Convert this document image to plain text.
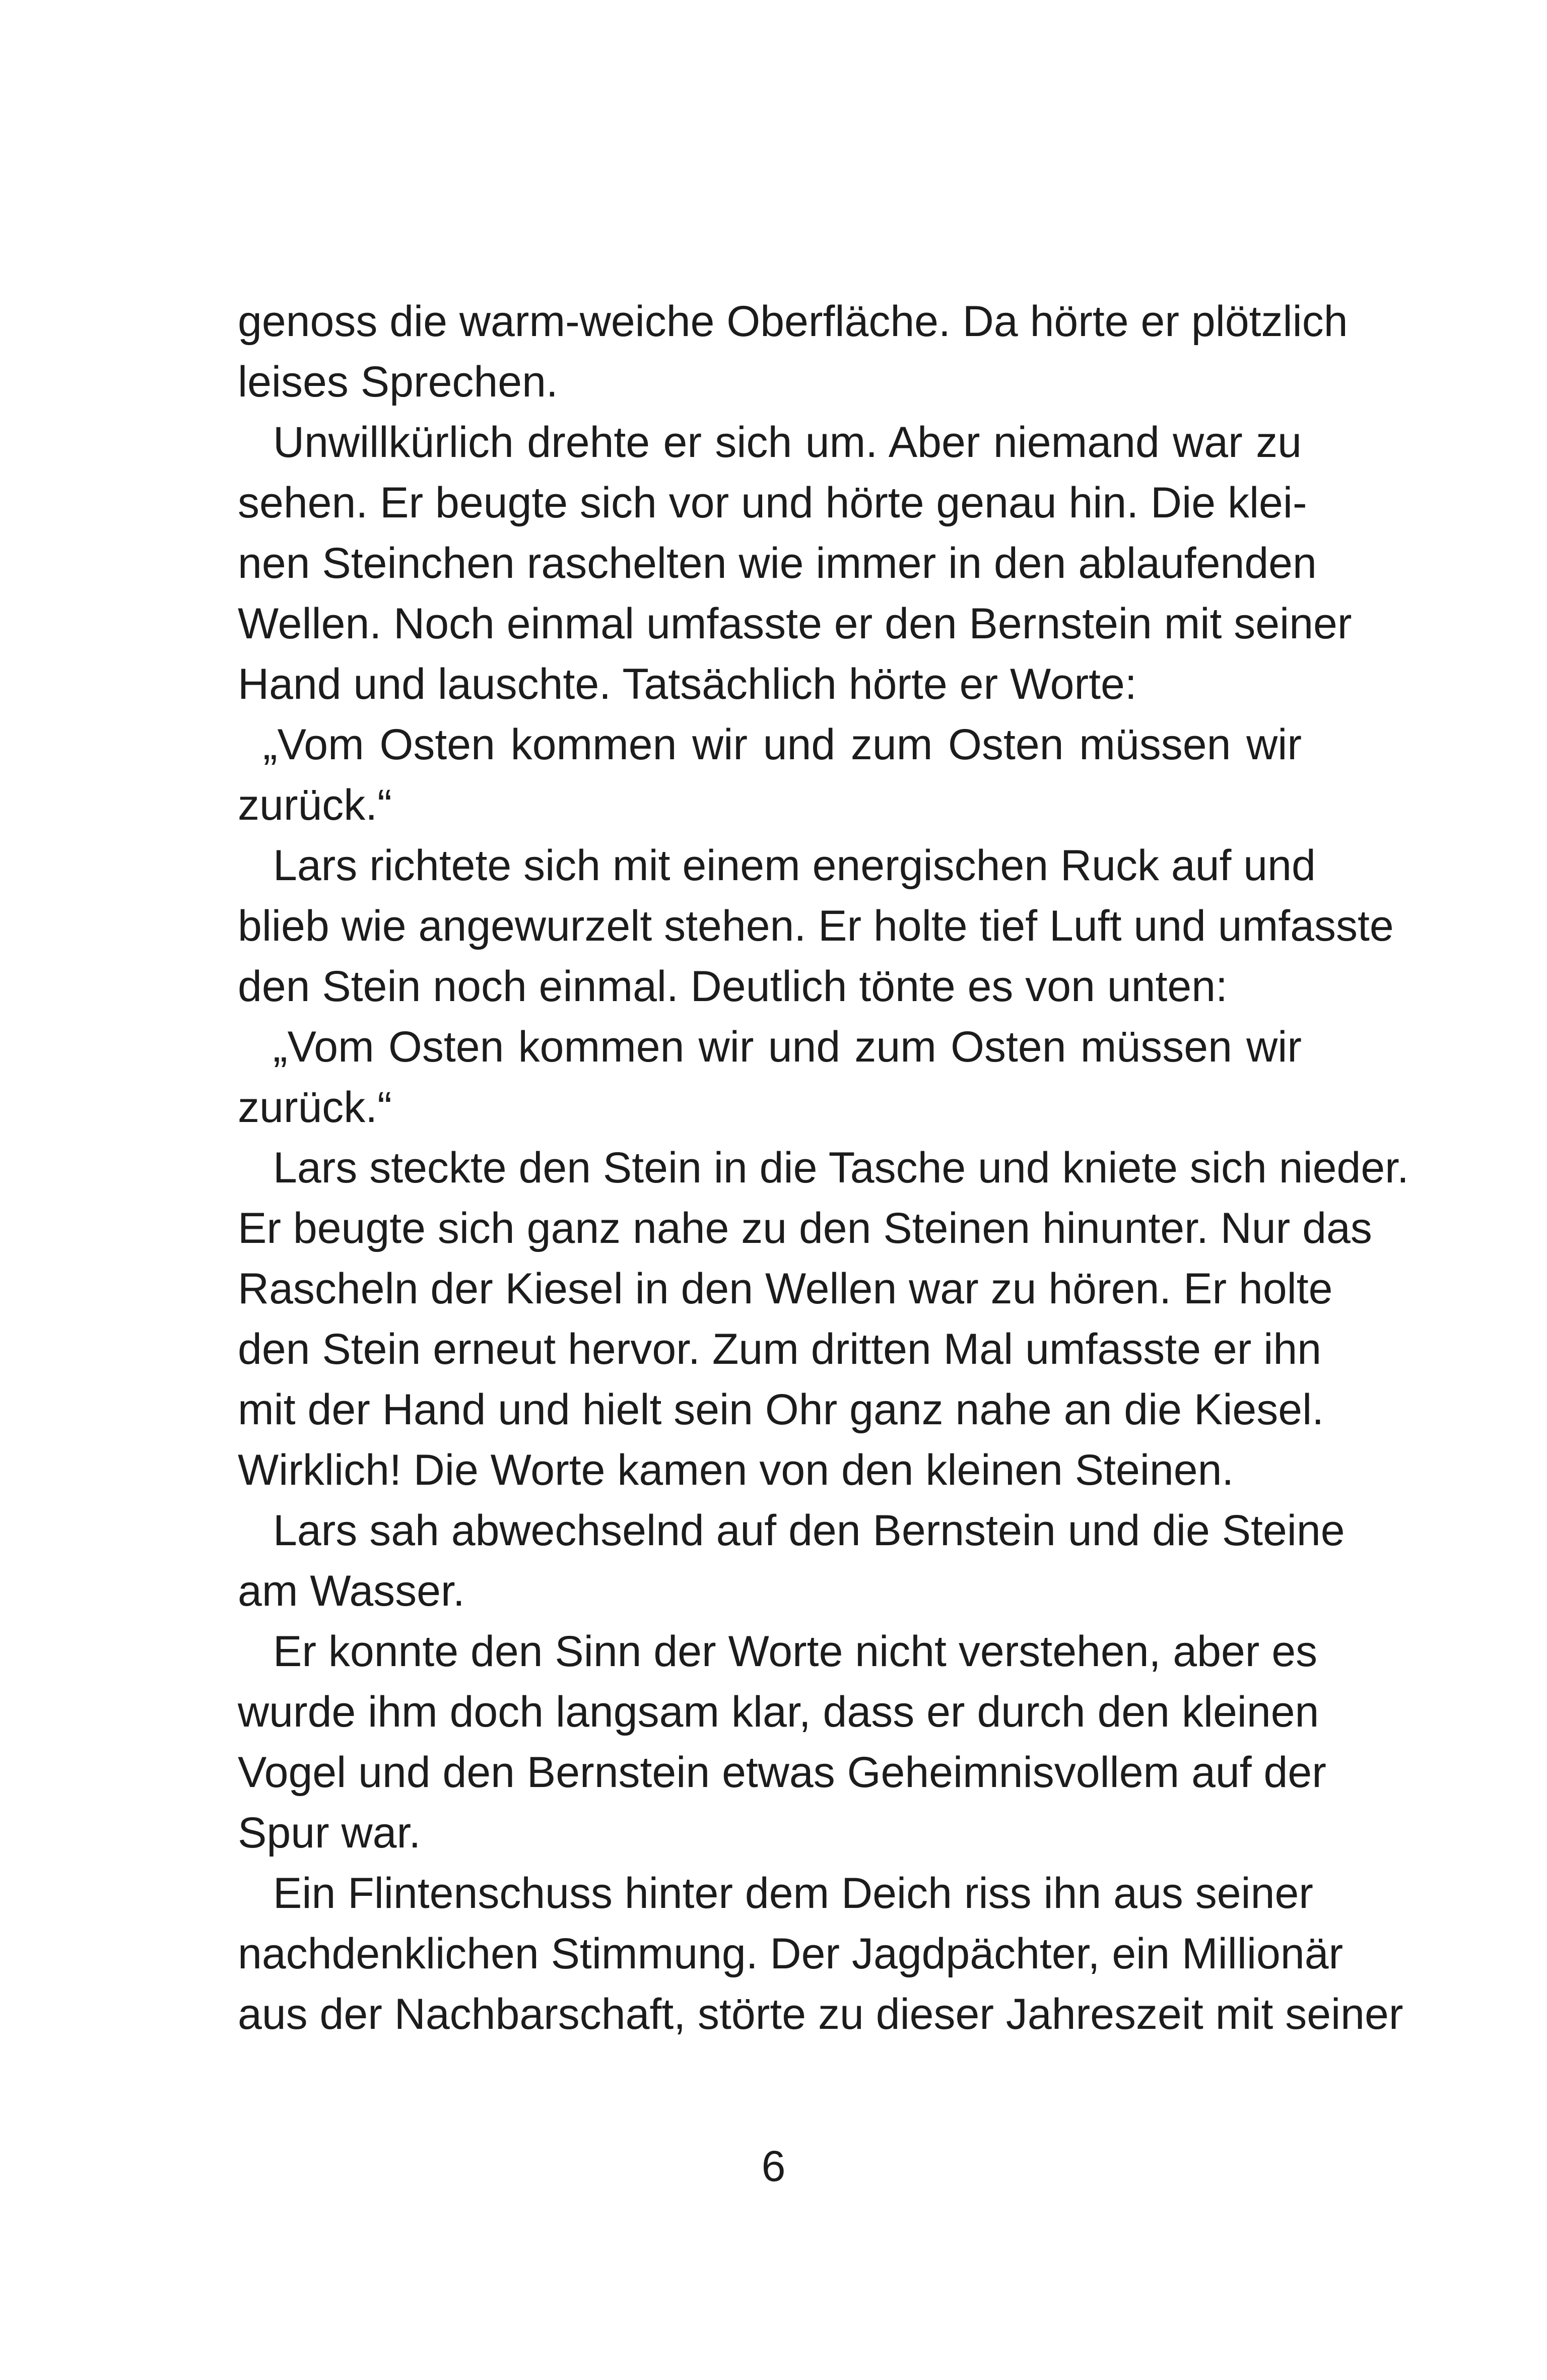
genoss die warm-weiche Oberfläche. Da hörte er plötzlich
leises Sprechen.
Unwillkürlich drehte er sich um. Aber niemand war zu
sehen. Er beugte sich vor und hörte genau hin. Die klei-
nen Steinchen raschelten wie immer in den ablaufenden
Wellen. Noch einmal umfasste er den Bernstein mit seiner
Hand und lauschte. Tatsächlich hörte er Worte:
„Vom Osten kommen wir und zum Osten müssen wir
zurück.“
Lars richtete sich mit einem energischen Ruck auf und
blieb wie angewurzelt stehen. Er holte tief Luft und umfasste
den Stein noch einmal. Deutlich tönte es von unten:
„Vom Osten kommen wir und zum Osten müssen wir
zurück.“
Lars steckte den Stein in die Tasche und kniete sich nieder.
Er beugte sich ganz nahe zu den Steinen hinunter. Nur das
Rascheln der Kiesel in den Wellen war zu hören. Er holte
den Stein erneut hervor. Zum dritten Mal umfasste er ihn
mit der Hand und hielt sein Ohr ganz nahe an die Kiesel.
Wirklich! Die Worte kamen von den kleinen Steinen.
Lars sah abwechselnd auf den Bernstein und die Steine
am Wasser.
Er konnte den Sinn der Worte nicht verstehen, aber es
wurde ihm doch langsam klar, dass er durch den kleinen
Vogel und den Bernstein etwas Geheimnisvollem auf der
Spur war.
Ein Flintenschuss hinter dem Deich riss ihn aus seiner
nachdenklichen Stimmung. Der Jagdpächter, ein Millionär
aus der Nachbarschaft, störte zu dieser Jahreszeit mit seiner
6
